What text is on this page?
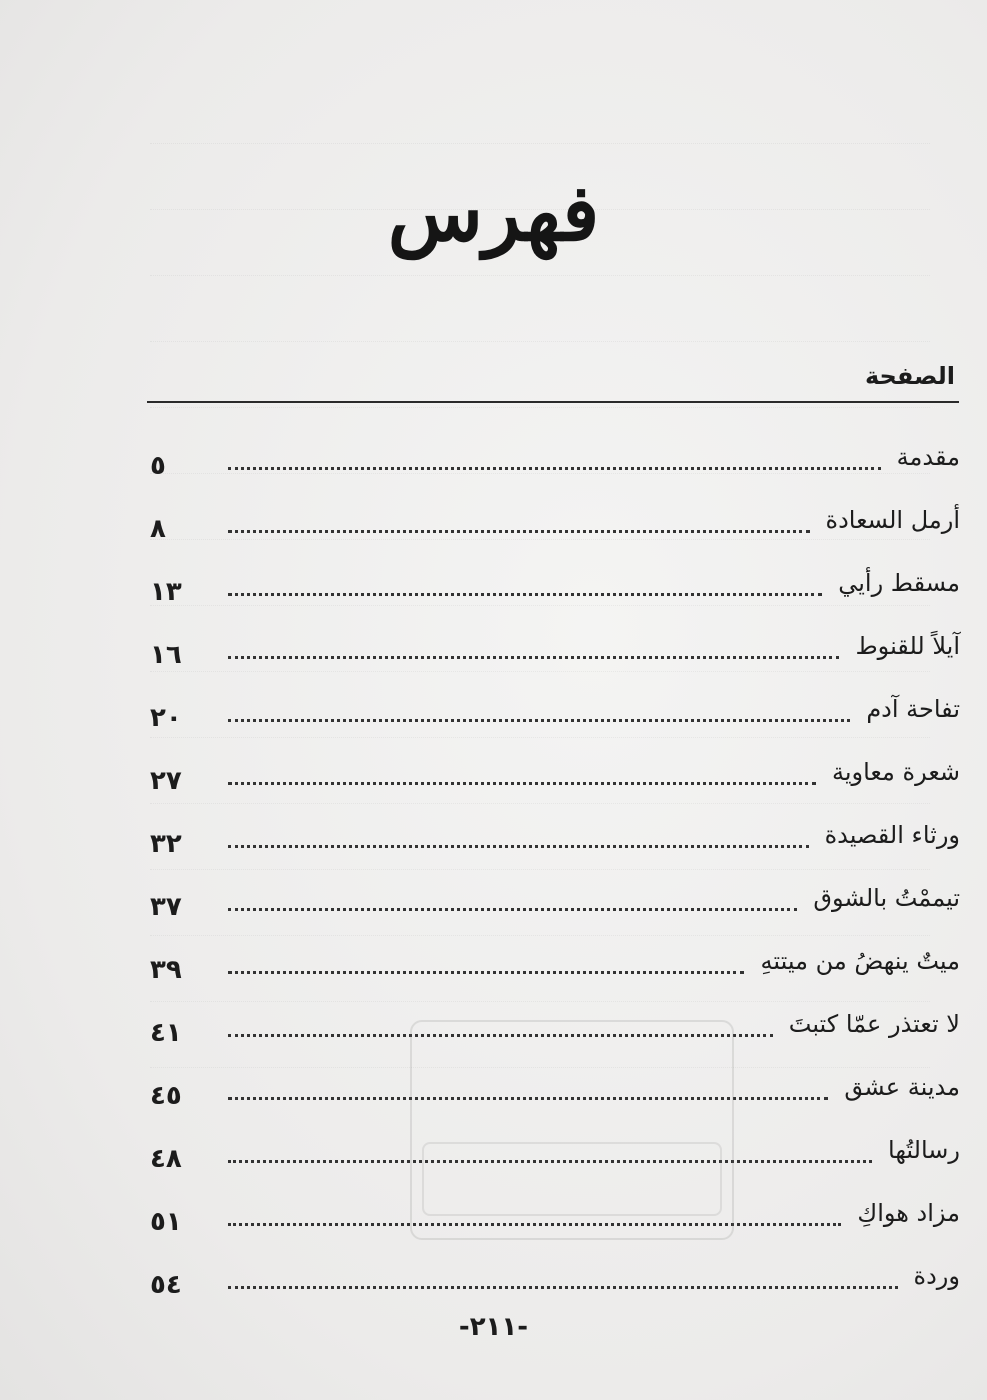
فهرس
الصفحة
٥	مقدمة
٨	أرمل السعادة
١٣	مسقط رأيي
١٦	آيلاً للقنوط
٢٠	تفاحة آدم
٢٧	شعرة معاوية
٣٢	ورثاء القصيدة
٣٧	تيممْتُ بالشوق
٣٩	ميتٌ ينهضُ من ميتتهِ
٤١	لا تعتذر عمّا كتبتَ
٤٥	مدينة عشق
٤٨	رسالتُها
٥١	مزاد هواكِ
٥٤	وردة
-٢١١-
